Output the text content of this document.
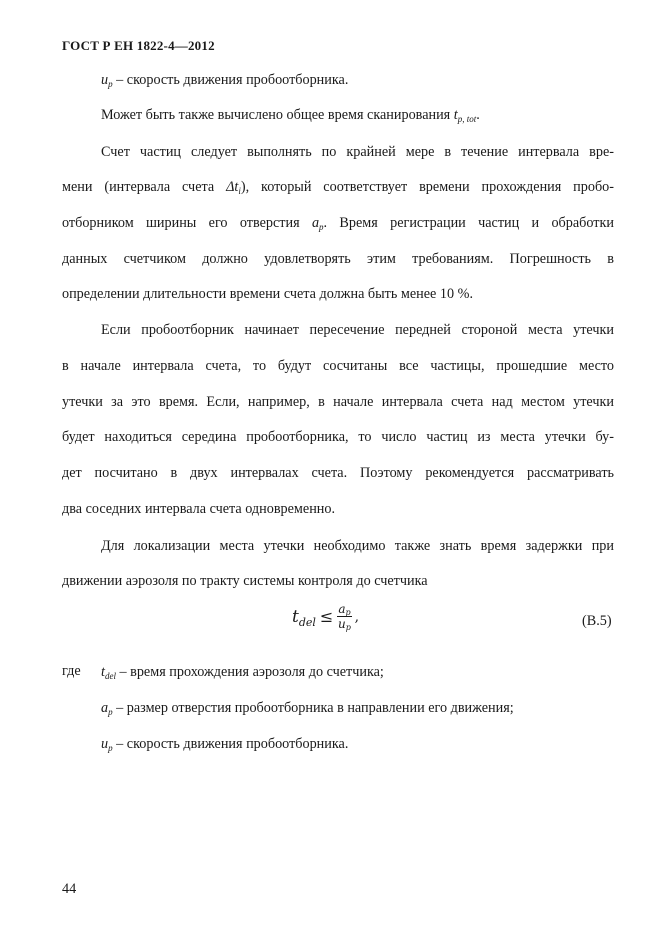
ГОСТ Р ЕН 1822-4—2012
$u_p$ – скорость движения пробоотборника.
Может быть также вычислено общее время сканирования $t_{p, tot}$.
Счет частиц следует выполнять по крайней мере в течение интервала вре-
мени (интервала счета $\Delta t_i$), который соответствует времени прохождения пробо-
отборником ширины его отверстия $a_p$. Время регистрации частиц и обработки
данных счетчиком должно удовлетворять этим требованиям. Погрешность в
определении длительности времени счета должна быть менее 10 %.
Если пробоотборник начинает пересечение передней стороной места утечки
в начале интервала счета, то будут сосчитаны все частицы, прошедшие место
утечки за это время. Если, например, в начале интервала счета над местом утечки
будет находиться середина пробоотборника, то число частиц из места утечки бу-
дет посчитано в двух интервалах счета. Поэтому рекомендуется рассматривать
два соседних интервала счета одновременно.
Для локализации места утечки необходимо также знать время задержки при
движении аэрозоля по тракту системы контроля до счетчика
$t_{del} \le \frac{a_p}{u_p}$ ,	(В.5)
где $t_{del}$ – время прохождения аэрозоля до счетчика;
$a_p$ – размер отверстия пробоотборника в направлении его движения;
$u_p$ – скорость движения пробоотборника.
44
